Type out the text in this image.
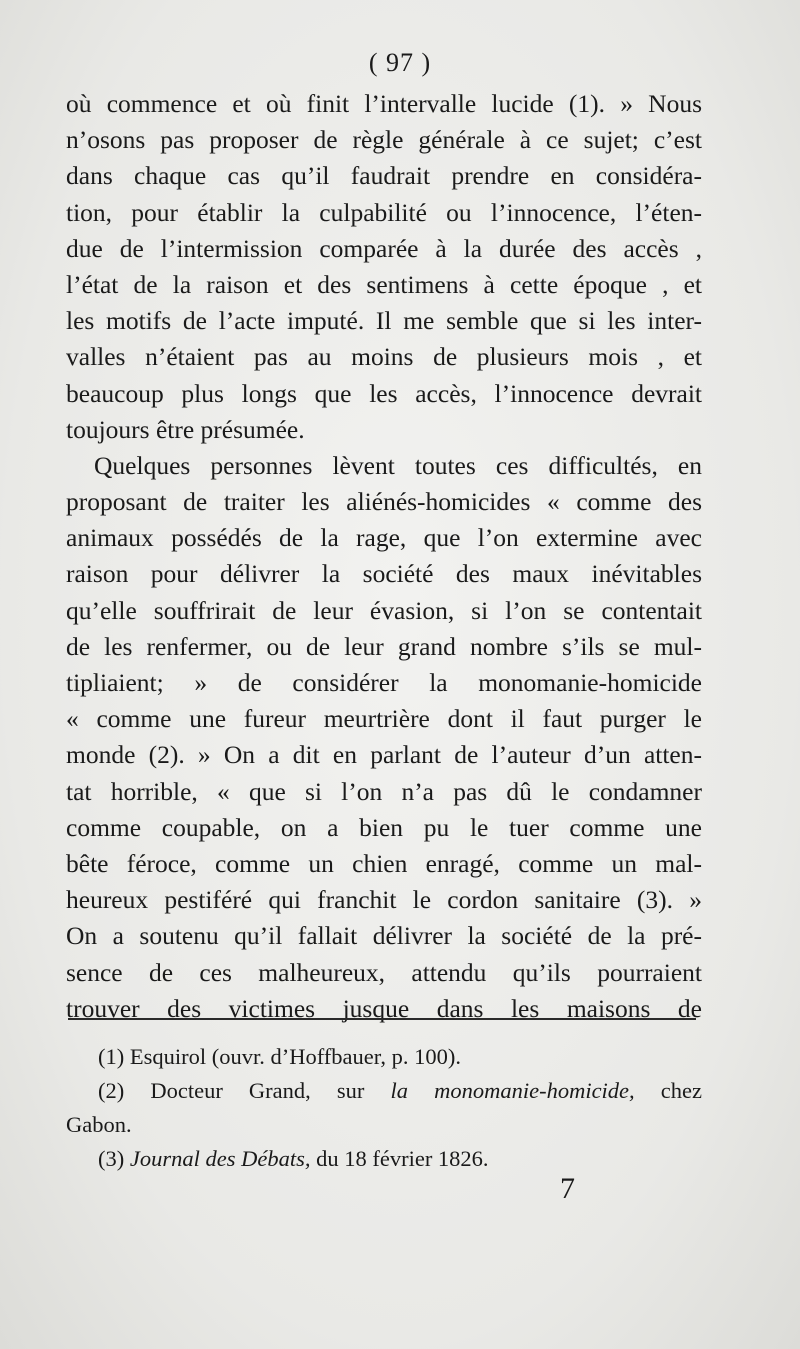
( 97 )
où commence et où finit l’intervalle lucide (1). » Nous
n’osons pas proposer de règle générale à ce sujet; c’est
dans chaque cas qu’il faudrait prendre en considéra-
tion, pour établir la culpabilité ou l’innocence, l’éten-
due de l’intermission comparée à la durée des accès ,
l’état de la raison et des sentimens à cette époque , et
les motifs de l’acte imputé. Il me semble que si les inter-
valles n’étaient pas au moins de plusieurs mois , et
beaucoup plus longs que les accès, l’innocence devrait
toujours être présumée.
Quelques personnes lèvent toutes ces difficultés, en
proposant de traiter les aliénés-homicides « comme des
animaux possédés de la rage, que l’on extermine avec
raison pour délivrer la société des maux inévitables
qu’elle souffrirait de leur évasion, si l’on se contentait
de les renfermer, ou de leur grand nombre s’ils se mul-
tipliaient; » de considérer la monomanie-homicide
« comme une fureur meurtrière dont il faut purger le
monde (2). » On a dit en parlant de l’auteur d’un atten-
tat horrible, « que si l’on n’a pas dû le condamner
comme coupable, on a bien pu le tuer comme une
bête féroce, comme un chien enragé, comme un mal-
heureux pestiféré qui franchit le cordon sanitaire (3). »
On a soutenu qu’il fallait délivrer la société de la pré-
sence de ces malheureux, attendu qu’ils pourraient
trouver des victimes jusque dans les maisons de
(1) Esquirol (ouvr. d’Hoffbauer, p. 100).
(2) Docteur Grand, sur la monomanie-homicide, chez
Gabon.
(3) Journal des Débats, du 18 février 1826.
7
